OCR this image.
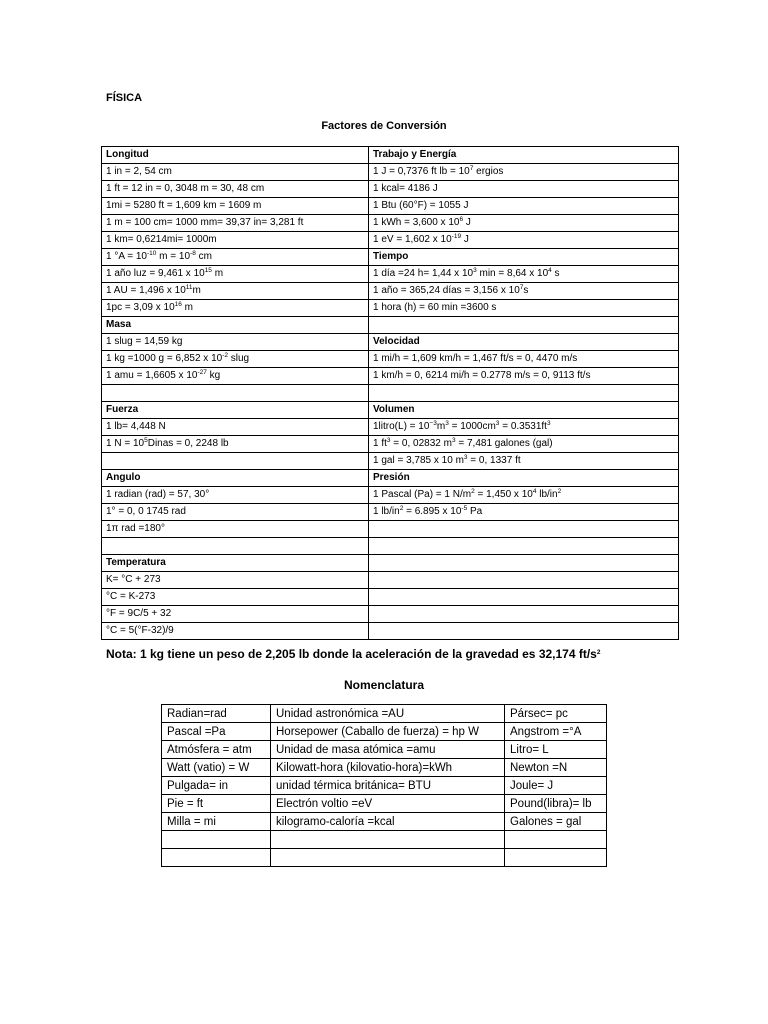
FÍSICA
Factores de Conversión
Longitud	Trabajo y Energía
1 in = 2, 54 cm	1 J = 0,7376 ft lb = $10^7$ ergios
1 ft = 12 in = 0, 3048 m = 30, 48 cm	1 kcal= 4186 J
1mi = 5280 ft = 1,609 km = 1609 m	1 Btu (60°F) = 1055 J
1 m = 100 cm= 1000 mm= 39,37 in= 3,281 ft	1 kWh = 3,600 x $10^6$ J
1 km= 0,6214mi= 1000m	1 eV = 1,602 x $10^{-19}$ J
1 $^\circ A = 10^{-10}$ $m = 10^{-8}$ cm	Tiempo
1 año luz = 9,461 x $10^{15}$ m	1 día =24 h= 1,44 x $10^3$ min = 8,64 x $10^4$ s
1 AU = 1,496 x $10^{11}m$	1 año = 365,24 días = 3,156 x $10^7s$
1pc = 3,09 x $10^{16}$ m	1 hora (h) = 60 min =3600 s
Masa	
1 slug = 14,59 kg	Velocidad
1 kg =1000 g = 6,852 x $10^{-2}$ slug	1 mi/h = 1,609 km/h = 1,467 ft/s = 0, 4470 m/s
1 amu = 1,6605 x $10^{-27}$ kg	1 km/h = 0, 6214 mi/h = 0.2778 m/s = 0, 9113 ft/s

Fuerza	Volumen
1 lb= 4,448 N	1litro(L) = $10^{-3}m^3 = 1000cm^3 = 0.3531ft^3$
1 $N = 10^5Dinas = 0$, 2248 lb	1 $ft^3 = 0$, 02832 $m^3 = 7,481$ galones (gal)
	1 gal = 3,785 x 10 $m^3 = 0$, 1337 ft
Angulo	Presión
1 radian (rad) = 57, 30°	1 Pascal (Pa) = 1 $N/m^2 = 1,450$ x $10^4$ $lb/in^2$
1° = 0, 0 1745 rad	1 $lb/in^2 = 6.895$ x $10^{-5}$ Pa
1π rad =180°	

Temperatura	
K= °C + 273	
°C = K-273	
°F = 9C/5 + 32	
°C = 5(°F-32)/9	
Nota: 1 kg tiene un peso de 2,205 lb donde la aceleración de la gravedad es 32,174 $ft/s^2$
Nomenclatura
Radian=rad	Unidad astronómica =AU	Pársec= pc
Pascal =Pa	Horsepower (Caballo de fuerza) = hp W	Angstrom =°A
Atmósfera = atm	Unidad de masa atómica =amu	Litro= L
Watt (vatio) = W	Kilowatt-hora (kilovatio-hora)=kWh	Newton =N
Pulgada= in	unidad térmica británica= BTU	Joule= J
Pie = ft	Electrón voltio =eV	Pound(libra)= lb
Milla = mi	kilogramo-caloría =kcal	Galones = gal
